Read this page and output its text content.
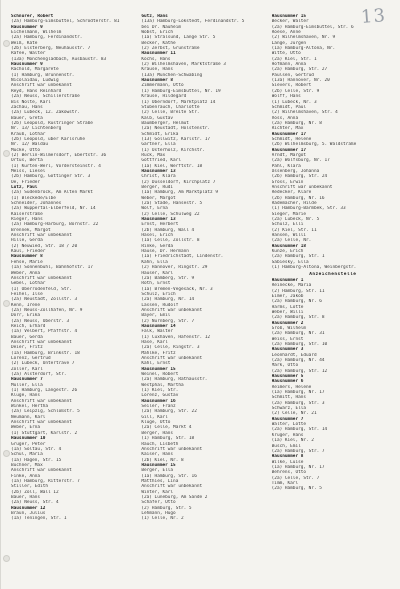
13
Schnürer, Robert
(2a) Hamburg-Eimsbüttel, Schrödterstr. 81
Hausnummer 9
Eichelmann, Wilhelm
(2a) Hamburg, Ferdinandstr.
Weiß, Käte
(2b) Elsterberg, Neuhausstr. 7
Rafee, Walter
(13a) Mönchengladbach, Ausbaustr. 83
Hausnummer 9
Rachold, Margarete
(1) Hamburg, Brunnenstr.
Nicolaidau, Ludwig
Anschrift war unbekannt
Reyd, Hans Reinhard
(2a) Neuss, Schillerstraße
Bis Nolte, Karl
Zachau, Hans
(2a) Lübeck, 12. Zakowstr.
Bauer, Greta
(2b) Leopold, Rüstringer Straße
Nr. 13/ Lichtenberg
Krauß, Lothar
(2b) Leopold, über Karlsruhe
Nr. 12/ Waldau
Mücke, Otto
(2) Berlin-Wilmersdorf, Ebertstr. 36
Ortus, Berta
(1) Kürten-Werl, Vordersteinstr. 4
Meiss, Liesel
(2b) Hamburg, Göttinger Str. 3
Oe, Frieder
Lutz, Paul
(2a) Sudenbrock, Am Alten Markt
(1) Bleckede/Elbe
Schneider, Johannes
(2a) Wuppertal-Elberfeld, Nr. 14
Kaiserstraße
Rieger, Hans
(2a) Hamburg-Harburg, Bornstr. 22
Brennek, Margot
Anschrift war unbekannt
Hille, Gerda
(2) Neuwied, Str. 18 / 20
Kaul, Frieder
Hausnummer 8
Fehse, Marie
(1a) Sonnenbühl, Bahnhofstr. 17
Weber, Anna
Anschrift war unbekannt
Gebel, Lothar
(1) Oberrodenfeld, Str.
Feihel, Ilse
(2a) Neustadt, Zollstr. 3
Kenn, Irene
(2a) Neuss-Zollhafen, Nr. 9
Dörr, Erika
(2a) Neuss, Oberstr. 3
Reich, Erhard
(1a) Velbert, Pfaffstr. 4
Bauer, Gerda
Anschrift war unbekannt
Deier, Fritz
(1a) Hamburg, Brinkstr. 18
Lorenz, Gertrud
(2) Lübeck, Untertrave 7
Zöller, Karl
(2a) Alsterdorf, Str.
Hausnummer 7
Müller, Ella
(1) Hamburg, Langestr. 26
Kluge, Hans
Anschrift war unbekannt
Winkel, Hertha
(2a) Leipzig, Schloßstr. 5
Neumann, Karl
Anschrift war unbekannt
Weber, Erna
(1) Stuttgart, Karlstr. 2
Hausnummer 10
Grüger, Peter
(1a) Soltau, Str. 4
Schul, Maria
(1a) Hagen, Str. 15
Buchner, Max
Anschrift war unbekannt
Finke, Anna
(1a) Hamburg, Ritterstr. 7
Stiller, Edith
(2b) Zoll, Wall 12
Bauer, Hans
(2a) Neuss, Str. 4
Hausnummer 12
Braun, Julius
(1a) Teningen, Str. 1
Gutz, Hans
(13a) Hamburg-Lokstedt, Ferdinandstr. 5
bei Dr. Nauheim
Wobst, Erich
(1a) Stralsund, Lange Str. 5
Becker, Käthe
(2) Zerbst, Grünstraße
Hausnummer 11
Kochs, Hans
(2) Wilhelmshaven, Marktstraße 3
Krause, Hans
(13a) München-Schwabing
Hausnummer 8
Zimmermann, Otto
(1) Hamburg-Eimsbüttel, Nr. 19
Krause, Hildegard
(1) Oberndorf, Marktplatz 14
Stubenrauch, Charlotte
(2) Celle, Breite Str.
Kalb, Gustav
Baumberger, Helmut
(2a) Neustadt, Holstenstr.
Schmidt, Erika
(13) Gollwitz, Karlstr. 17
Gärtner, Ella
(1) Osterholz, Kirchstr.
Ruck, Max
Gottfried, Karl
(1a) Kiel, Werftstr. 18
Hausnummer 13
Christ, Klara
(2) Düsseldorf, Kirchplatz 7
Berger, Rudi
(1a) Hamburg, Am Marktplatz 9
Weber, Margot
(2a) Stade, Hansestr. 5
Wolf, Erna
(2) Celle, Schulweg 22
Hausnummer 13
Ernst, Herbert
(2b) Hamburg, Wall 4
Hasel, Erich
(1a) Celle, Zollstr. 8
Rinke, Gerda
Hause, Dr. Hermann
(1a) Friedrichstadt, Lindenstr.
Kahn, Ella
(2) Hannover, Ringstr. 29
Hauser, Karl
(2a) Bamberg, Str. 9
Roth, Ernst
(1a) Bremen-Vegesack, Nr. 3
Schulz, Erich
(2a) Hamburg, Nr. 14
Lassen, Rudolf
Anschrift war unbekannt
Bayer, Emil
(2) Nürnberg, Str. 7
Hausnummer 14
Falk, Walter
(1) Cuxhaven, Hafenstr. 12
Hase, Karl
(2a) Celle, Ringstr. 3
Mahlke, Fritz
Anschrift war unbekannt
Kahl, Ernst
Hausnummer 15
Weinel, Robert
(2a) Hamburg, Rathausstr.
Westphal, Martha
(1) Kiel, Str.
Lorenz, Gustav
Hausnummer 16
Seiler, Franz
(2a) Hamburg, Str. 22
Gill, Karl
Kluge, Otto
(2a) Celle, Markt 4
Berger, Hans
(1) Hamburg, Str. 18
Rauch, Lisbeth
Anschrift war unbekannt
Kaiser, Hans
(2b) Kiel, Nr. 8
Hausnummer 15
Berger, Ella
(1a) Hamburg, Str. 16
Matthies, Lina
Anschrift war unbekannt
Winter, Karl
(2a) Lüneburg, Am Sande 2
Schäfer, Otto
(2) Hamburg, Str. 5
Lehmann, Hugo
(1) Celle, Nr. 2
Hausnummer 15
Becker, Walter
(2a) Hamburg-Eimsbüttel, Str. 6
Roese, Anne
(2) Wilhelmshaven, Nr. 9
Lange, Jürgen
(1a) Hamburg-Altona, Nr.
Witte, Otto
(2a) Kiel, Str. 1
Hofmann, Anna
(2a) Hamburg, Str. 27
Paulsen, Gertrud
(13a) Hannover, Nr. 20
Sievers, Robert
(2b) Celle, Str. 9
Wolff, Hans
(1) Lübeck, Nr. 3
Schmidt, Paul
(2) Wilhelmshaven, Str. 4
Voss, Anna
(2a) Hamburg, Nr. 8
Richter, Max
Hausnummer 17
Schmidt, Helene
(2b) Wilhelmsburg, 5. Waldstraße
Hausnummer 17
Arndt, Margot
(2a) Wolfsburg, Nr. 17
Pahl, Klara
Ossenberg, Johanna
(2b) Hamburg, Str. 24
Gross, Erwin
Anschrift war unbekannt
Redecker, Kläre
(2b) Hamburg, Nr. 16
Rademacher, Hilde
(1) Hamburg-Barmbek, Str. 33
Sieger, Marie
(2a) Lübeck, Nr. 5
Schulz, Elli
(2) Kiel, Str. 11
Hansen, Willi
(2a) Celle, Nr.
Hausnummer 18
Kunze, Erich
(2a) Hamburg, Str. 1
Sabiesky, Ella
(1) Hamburg-Altona, Weinbergstr.
Anzeichenstelle
Hausnummer 1
Reinecke, Maria
(2) Hamburg, Str. 11
Eimer, Jakob
(2a) Hamburg, Nr. 6
Harms, Lotte
Weber, Willi
(2a) Hamburg, Str. 8
Hausnummer 2
Groß, Wilhelm
(2a) Hamburg, Nr. 31
Weiss, Ernst
(2a) Hamburg, Str. 10
Hausnummer 3
Leonhardt, Eduard
(2a) Hamburg, Nr. 44
Mark, Otto
(2a) Hamburg, Str. 12
Hausnummer 5
Hausnummer 6
Reimers, Helene
(1a) Hamburg, Nr. 17
Schmitt, Hans
(2a) Hamburg, Str. 3
Schwarz, Ella
(2) Celle, Nr. 21
Hausnummer 7
Walter, Lotte
(2a) Hamburg, Str. 14
Krüger, Hans
(1a) Kiel, Nr. 2
Busch, Emil
(2a) Hamburg, Str. 7
Hausnummer 8
Wilke, Luise
(1a) Hamburg, Nr. 17
Behrens, Otto
(2a) Celle, Str. 7
Timm, Karl
(2a) Hamburg, Nr. 5
